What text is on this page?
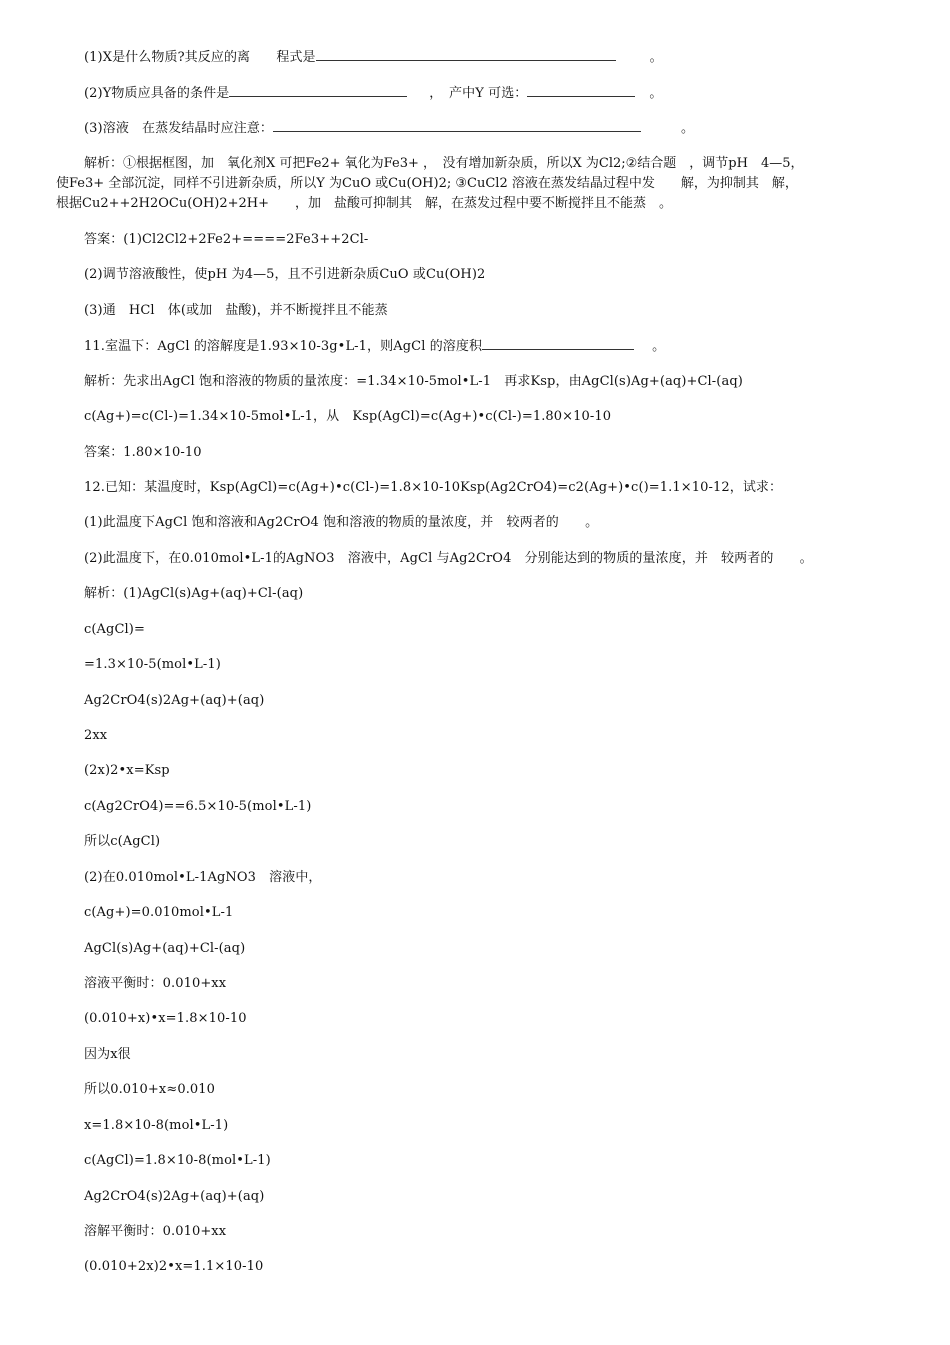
(1)X是什么物质?其反应的离　　程式是	。
(2)Y物质应具备的条件是	，　产中Y 可选：	。
(3)溶液　在蒸发结晶时应注意：	。
解析：①根据框图，加　氧化剂X 可把Fe2+ 氧化为Fe3+ ，　没有增加新杂质，所以X 为Cl2;②结合题　，调节pH　4—5，
使Fe3+ 全部沉淀，同样不引进新杂质，所以Y 为CuO 或Cu(OH)2; ③CuCl2 溶液在蒸发结晶过程中发　　解，为抑制其　解，
根据Cu2++2H2OCu(OH)2+2H+　　，加　盐酸可抑制其　解，在蒸发过程中要不断搅拌且不能蒸　。
答案：(1)Cl2Cl2+2Fe2+====2Fe3++2Cl-
(2)调节溶液酸性，使pH 为4—5，且不引进新杂质CuO 或Cu(OH)2
(3)通　HCl　体(或加　盐酸)，并不断搅拌且不能蒸
11.室温下：AgCl 的溶解度是1.93×10-3g•L-1，则AgCl 的溶度积	。
解析：先求出AgCl 饱和溶液的物质的量浓度：=1.34×10-5mol•L-1　再求Ksp，由AgCl(s)Ag+(aq)+Cl-(aq)
c(Ag+)=c(Cl-)=1.34×10-5mol•L-1，从　Ksp(AgCl)=c(Ag+)•c(Cl-)=1.80×10-10
答案：1.80×10-10
12.已知：某温度时，Ksp(AgCl)=c(Ag+)•c(Cl-)=1.8×10-10Ksp(Ag2CrO4)=c2(Ag+)•c()=1.1×10-12，试求：
(1)此温度下AgCl 饱和溶液和Ag2CrO4 饱和溶液的物质的量浓度，并　较两者的　　。
(2)此温度下，在0.010mol•L-1的AgNO3　溶液中，AgCl 与Ag2CrO4　分别能达到的物质的量浓度，并　较两者的　　。
解析：(1)AgCl(s)Ag+(aq)+Cl-(aq)
c(AgCl)=
=1.3×10-5(mol•L-1)
Ag2CrO4(s)2Ag+(aq)+(aq)
2xx
(2x)2•x=Ksp
c(Ag2CrO4)==6.5×10-5(mol•L-1)
所以c(AgCl)
(2)在0.010mol•L-1AgNO3　溶液中，
c(Ag+)=0.010mol•L-1
AgCl(s)Ag+(aq)+Cl-(aq)
溶液平衡时：0.010+xx
(0.010+x)•x=1.8×10-10
因为x很
所以0.010+x≈0.010
x=1.8×10-8(mol•L-1)
c(AgCl)=1.8×10-8(mol•L-1)
Ag2CrO4(s)2Ag+(aq)+(aq)
溶解平衡时：0.010+xx
(0.010+2x)2•x=1.1×10-10
